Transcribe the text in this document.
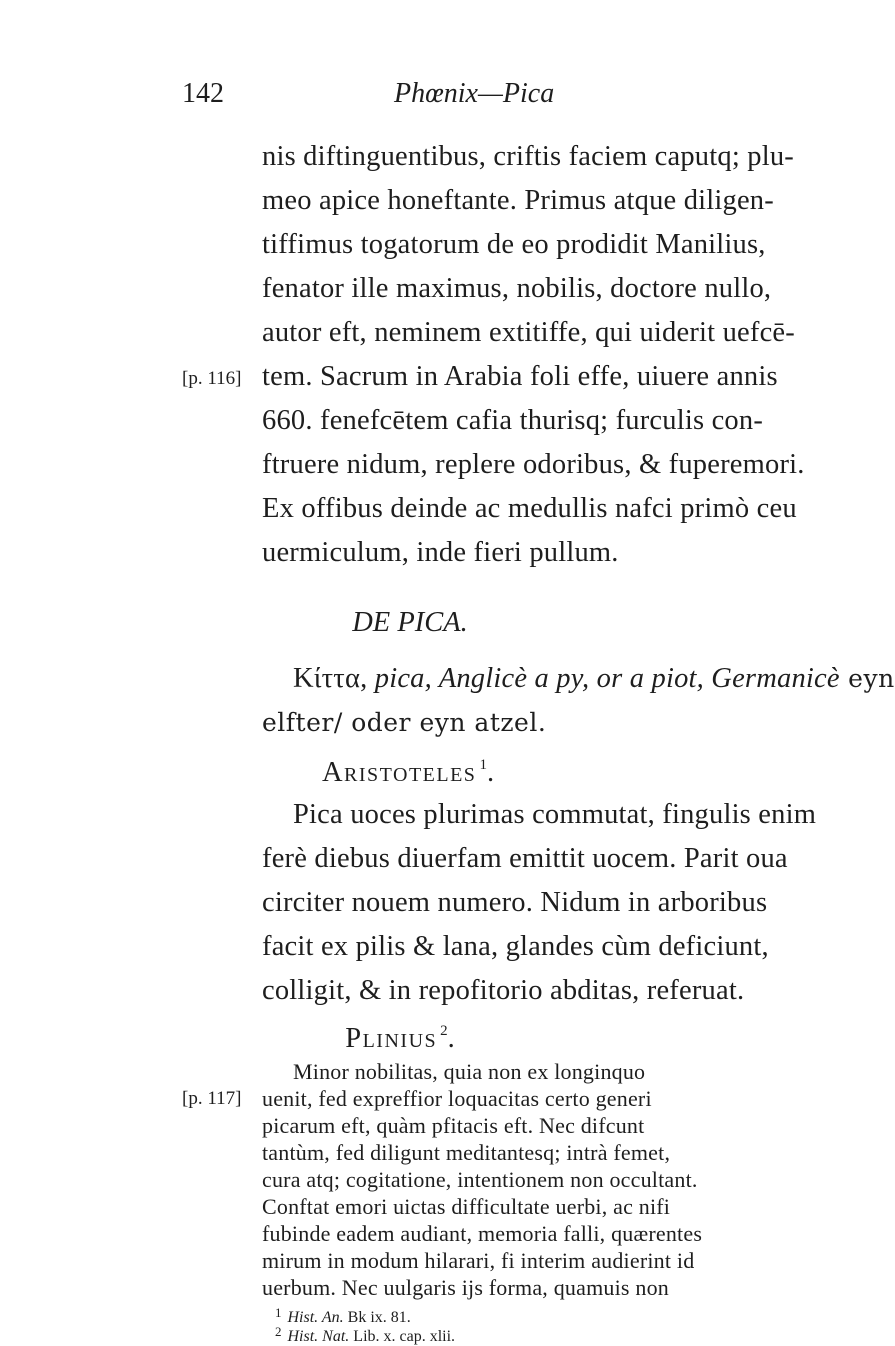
142	Phœnix—Pica
nis diftinguentibus, criftis faciem caputq; plu-
meo apice honeftante. Primus atque diligen-
tiffimus togatorum de eo prodidit Manilius,
fenator ille maximus, nobilis, doctore nullo,
autor eft, neminem extitiffe, qui uiderit uefcē-
[p. 116] tem. Sacrum in Arabia foli effe, uiuere annis
660. fenefcētem cafia thurisq; furculis con-
ftruere nidum, replere odoribus, & fuperemori.
Ex offibus deinde ac medullis nafci primò ceu
uermiculum, inde fieri pullum.
DE PICA.
Κίττα, pica, Anglicè a py, or a piot, Germanicè eyn
elfter/ oder eyn atzel.
Aristoteles $^1$.
Pica uoces plurimas commutat, fingulis enim
ferè diebus diuerfam emittit uocem. Parit oua
circiter nouem numero. Nidum in arboribus
facit ex pilis & lana, glandes cùm deficiunt,
colligit, & in repofitorio abditas, referuat.
Plinius $^2$.
Minor nobilitas, quia non ex longinquo
[p. 117] uenit, fed expreffior loquacitas certo generi
picarum eft, quàm pfitacis eft. Nec difcunt
tantùm, fed diligunt meditantesq; intrà femet,
cura atq; cogitatione, intentionem non occultant.
Conftat emori uictas difficultate uerbi, ac nifi
fubinde eadem audiant, memoria falli, quærentes
mirum in modum hilarari, fi interim audierint id
uerbum. Nec uulgaris ijs forma, quamuis non
$^1$ Hist. An. Bk ix. 81.
$^2$ Hist. Nat. Lib. x. cap. xlii.
